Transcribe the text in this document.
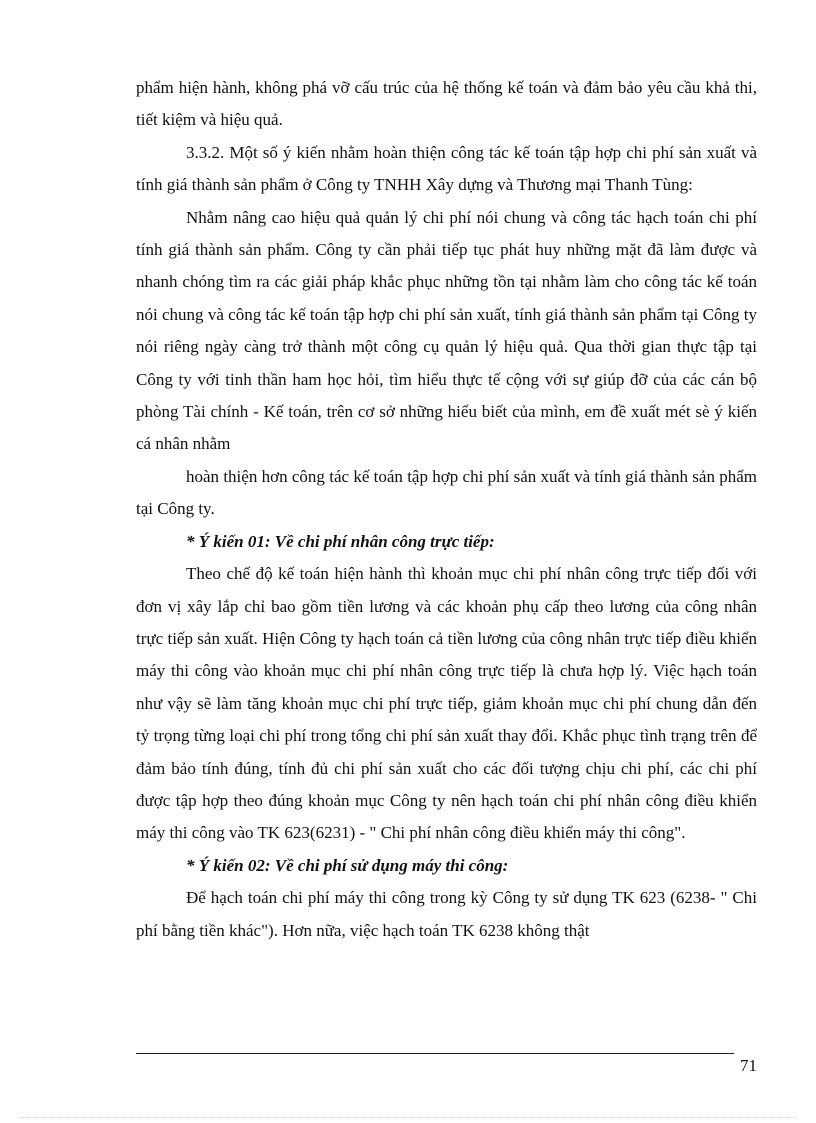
phẩm hiện hành, không phá vỡ cấu trúc của hệ thống kế toán và đảm bảo yêu cầu khả thi, tiết kiệm và hiệu quả.

3.3.2. Một số ý kiến nhằm hoàn thiện công tác kế toán tập hợp chi phí sản xuất và tính giá thành sản phẩm ở Công ty TNHH Xây dựng và Thương mại Thanh Tùng:

Nhằm nâng cao hiệu quả quản lý chi phí nói chung và công tác hạch toán chi phí tính giá thành sản phẩm. Công ty cần phải tiếp tục phát huy những mặt đã làm được và nhanh chóng tìm ra các giải pháp khắc phục những tồn tại nhằm làm cho công tác kế toán nói chung và công tác kế toán tập hợp chi phí sản xuất, tính giá thành sản phẩm tại Công ty nói riêng ngày càng trở thành một công cụ quản lý hiệu quả. Qua thời gian thực tập tại Công ty với tinh thần ham học hỏi, tìm hiểu thực tế cộng với sự giúp đỡ của các cán bộ phòng Tài chính - Kế toán, trên cơ sở những hiểu biết của mình, em đề xuất mét sè ý kiến cá nhân nhằm

hoàn thiện hơn công tác kế toán tập hợp chi phí sản xuất và tính giá thành sản phẩm tại Công ty.

* Ý kiến 01: Về chi phí nhân công trực tiếp:

Theo chế độ kế toán hiện hành thì khoản mục chi phí nhân công trực tiếp đối với đơn vị xây lắp chỉ bao gồm tiền lương và các khoản phụ cấp theo lương của công nhân trực tiếp sản xuất. Hiện Công ty hạch toán cả tiền lương của công nhân trực tiếp điều khiển máy thi công vào khoản mục chi phí nhân công trực tiếp là chưa hợp lý. Việc hạch toán như vậy sẽ làm tăng khoản mục chi phí trực tiếp, giảm khoản mục chi phí chung dẫn đến tỷ trọng từng loại chi phí trong tổng chi phí sản xuất thay đổi. Khắc phục tình trạng trên để đảm bảo tính đúng, tính đủ chi phí sản xuất cho các đối tượng chịu chi phí, các chi phí được tập hợp theo đúng khoản mục Công ty nên hạch toán chi phí nhân công điều khiển máy thi công vào TK 623(6231) - " Chi phí nhân công điều khiển máy thi công".

* Ý kiến 02: Về chi phí sử dụng máy thi công:

Để hạch toán chi phí máy thi công trong kỳ Công ty sử dụng TK 623 (6238- " Chi phí bằng tiền khác"). Hơn nữa, việc hạch toán TK 6238 không thật

71
